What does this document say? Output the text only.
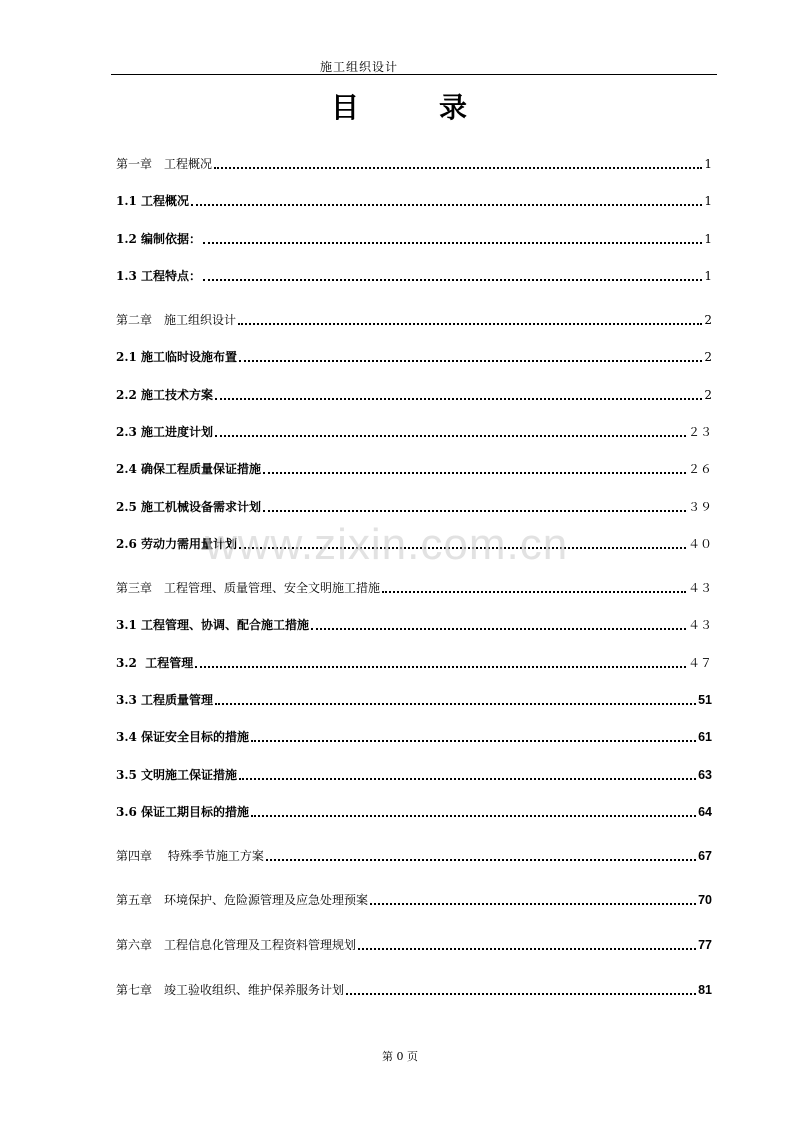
施工组织设计
目	录
第一章　工程概况	1
1.1 工程概况	1
1.2 编制依据：	1
1.3 工程特点：	1
第二章　施工组织设计	2
2.1 施工临时设施布置	2
2.2 施工技术方案	2
2.3 施工进度计划	２３
2.4 确保工程质量保证措施	２６
2.5 施工机械设备需求计划	３９
2.6 劳动力需用量计划	４０
第三章　工程管理、质量管理、安全文明施工措施	４３
3.1 工程管理、协调、配合施工措施	４３
3.2  工程管理	４７
3.3 工程质量管理	51
3.4 保证安全目标的措施	61
3.5 文明施工保证措施	63
3.6 保证工期目标的措施	64
第四章　 特殊季节施工方案	67
第五章　环境保护、危险源管理及应急处理预案	70
第六章　工程信息化管理及工程资料管理规划	77
第七章　竣工验收组织、维护保养服务计划	81
www.zixin.com.cn
第 0 页
